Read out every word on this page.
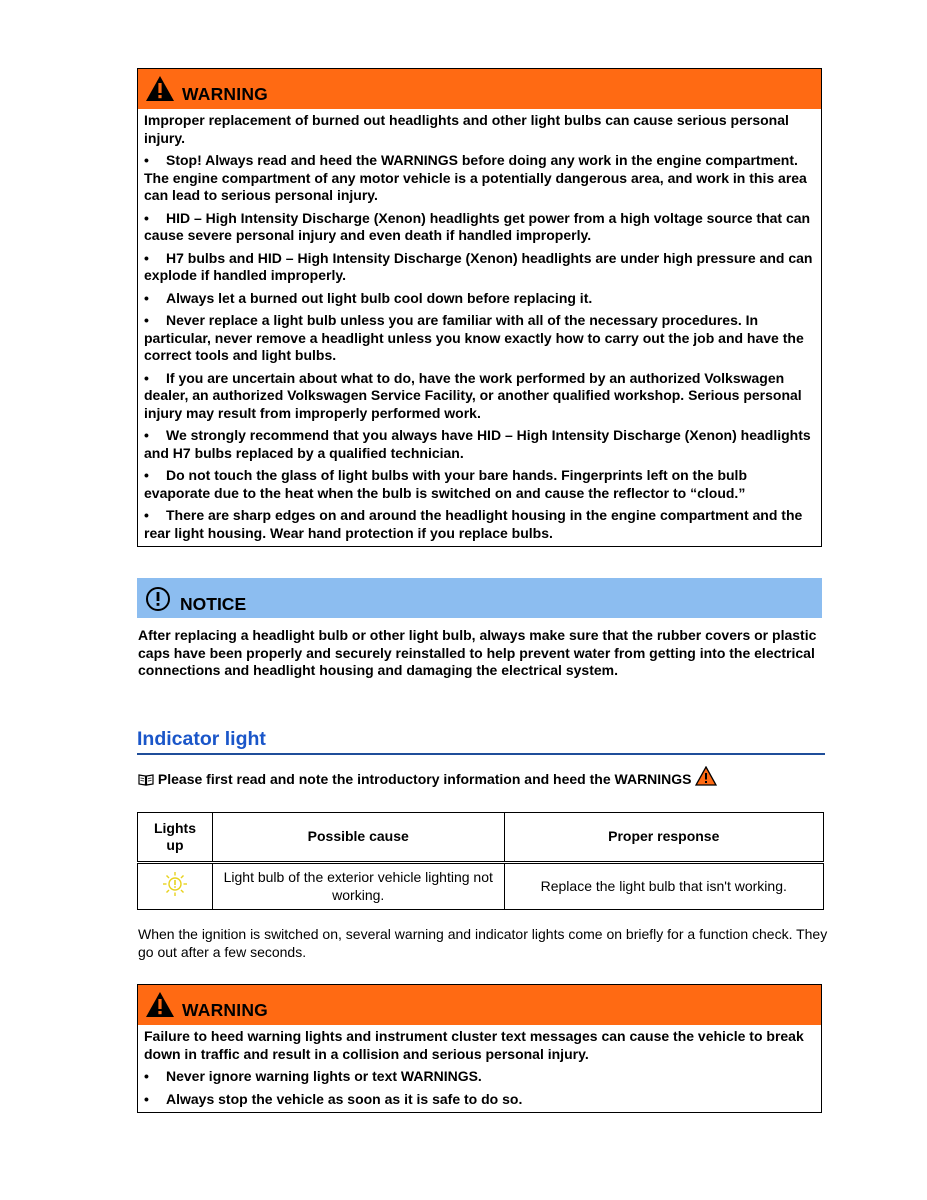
WARNING

Improper replacement of burned out headlights and other light bulbs can cause serious personal injury.

• Stop! Always read and heed the WARNINGS before doing any work in the engine compartment. The engine compartment of any motor vehicle is a potentially dangerous area, and work in this area can lead to serious personal injury.
• HID – High Intensity Discharge (Xenon) headlights get power from a high voltage source that can cause severe personal injury and even death if handled improperly.
• H7 bulbs and HID – High Intensity Discharge (Xenon) headlights are under high pressure and can explode if handled improperly.
• Always let a burned out light bulb cool down before replacing it.
• Never replace a light bulb unless you are familiar with all of the necessary procedures. In particular, never remove a headlight unless you know exactly how to carry out the job and have the correct tools and light bulbs.
• If you are uncertain about what to do, have the work performed by an authorized Volkswagen dealer, an authorized Volkswagen Service Facility, or another qualified workshop. Serious personal injury may result from improperly performed work.
• We strongly recommend that you always have HID – High Intensity Discharge (Xenon) headlights and H7 bulbs replaced by a qualified technician.
• Do not touch the glass of light bulbs with your bare hands. Fingerprints left on the bulb evaporate due to the heat when the bulb is switched on and cause the reflector to “cloud.”
• There are sharp edges on and around the headlight housing in the engine compartment and the rear light housing. Wear hand protection if you replace bulbs.
NOTICE
After replacing a headlight bulb or other light bulb, always make sure that the rubber covers or plastic caps have been properly and securely reinstalled to help prevent water from getting into the electrical connections and headlight housing and damaging the electrical system.
Indicator light
Please first read and note the introductory information and heed the WARNINGS
Lights up	Possible cause	Proper response
	Light bulb of the exterior vehicle lighting not working.	Replace the light bulb that isn't working.
When the ignition is switched on, several warning and indicator lights come on briefly for a function check. They go out after a few seconds.
WARNING

Failure to heed warning lights and instrument cluster text messages can cause the vehicle to break down in traffic and result in a collision and serious personal injury.

• Never ignore warning lights or text WARNINGS.
• Always stop the vehicle as soon as it is safe to do so.
